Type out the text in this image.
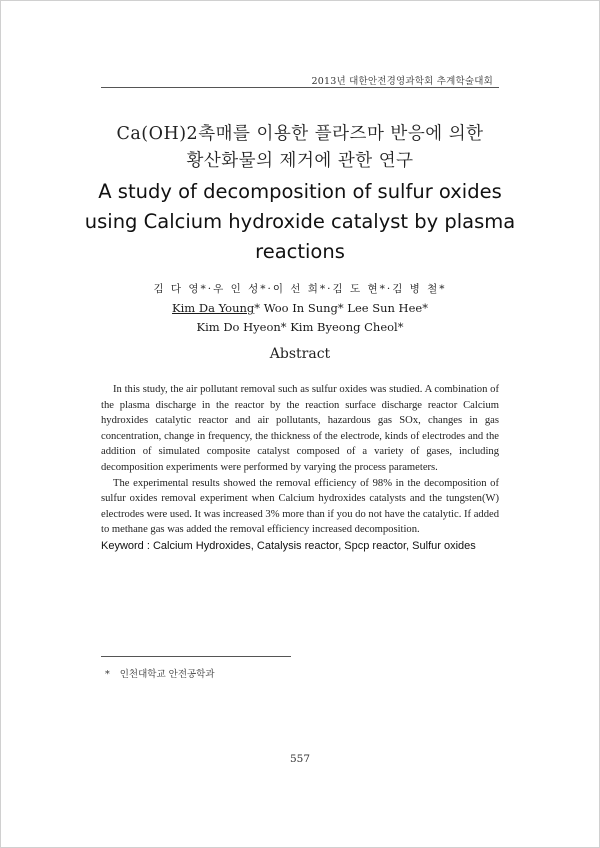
2013년 대한안전경영과학회 추계학술대회
Ca(OH)2촉매를 이용한 플라즈마 반응에 의한
황산화물의 제거에 관한 연구
A study of decomposition of sulfur oxides
using Calcium hydroxide catalyst by plasma
reactions
김 다 영*·우 인 성*·이 선 희*·김 도 현*·김 병 철*
Kim Da Young* Woo In Sung* Lee Sun Hee*
Kim Do Hyeon* Kim Byeong Cheol*
Abstract

In this study, the air pollutant removal such as sulfur oxides was studied. A combination of the plasma discharge in the reactor by the reaction surface discharge reactor Calcium hydroxides catalytic reactor and air pollutants, hazardous gas SOx, changes in gas concentration, change in frequency, the thickness of the electrode, kinds of electrodes and the addition of simulated composite catalyst composed of a variety of gases, including decomposition experiments were performed by varying the process parameters.

The experimental results showed the removal efficiency of 98% in the decomposition of sulfur oxides removal experiment when Calcium hydroxides catalysts and the tungsten(W) electrodes were used. It was increased 3% more than if you do not have the catalytic. If added to methane gas was added the removal efficiency increased decomposition.

Keyword : Calcium Hydroxides, Catalysis reactor, Spcp reactor, Sulfur oxides

* 인천대학교 안전공학과
557
